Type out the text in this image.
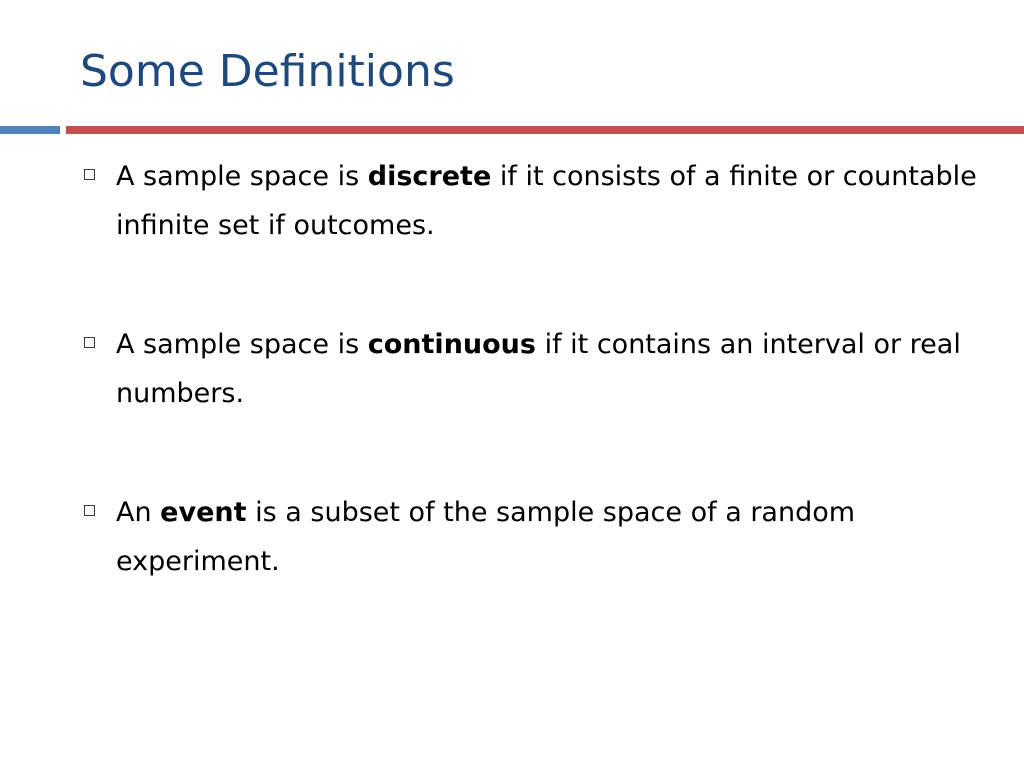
Some Definitions
A sample space is discrete if it consists of a finite or countable infinite set if outcomes.
A sample space is continuous if it contains an interval or real numbers.
An event is a subset of the sample space of a random experiment.
